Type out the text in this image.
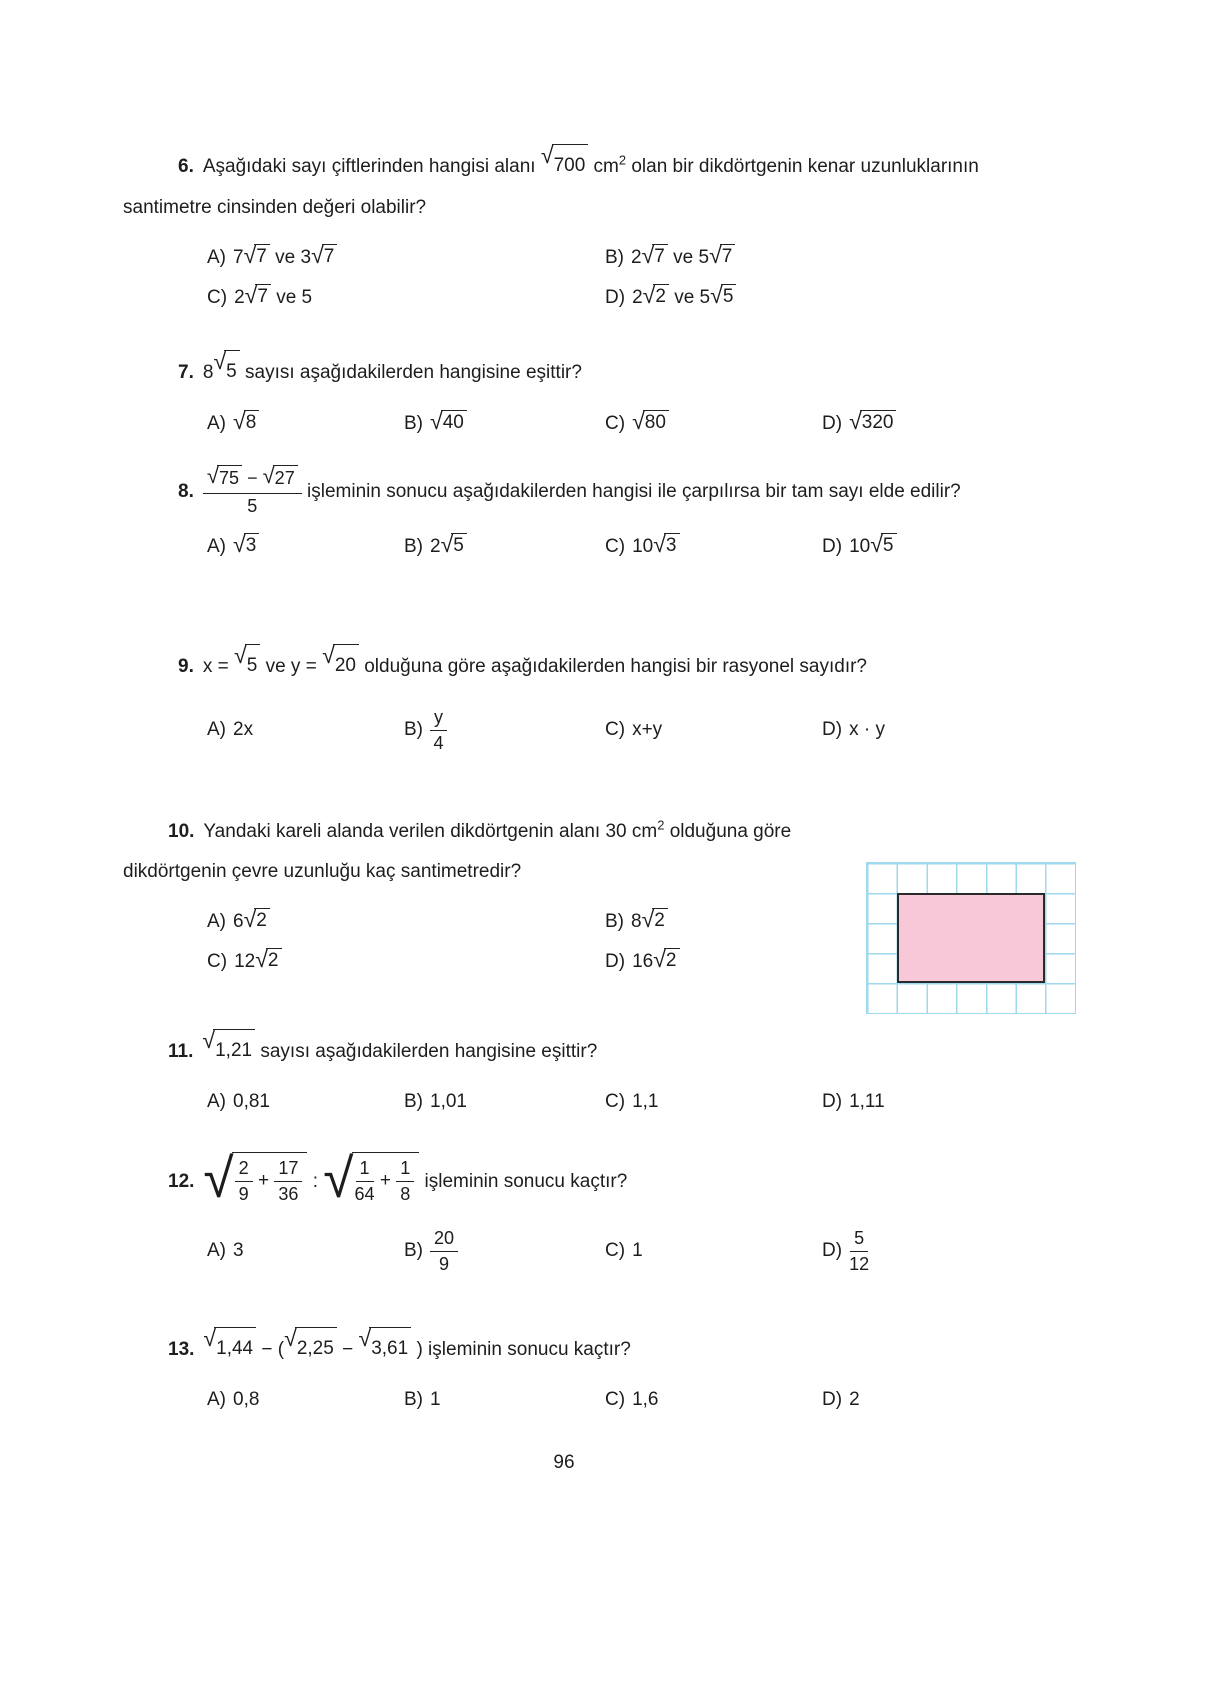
6. Aşağıdaki sayı çiftlerinden hangisi alanı √ 700 $cm^2$ olan bir dikdörtgenin kenar uzunluklarının santimetre cinsinden değeri olabilir?

A) 7 √ 7 ve 3 √ 7	B) 2 √ 7 ve 5 √ 7
C) 2 √ 7 ve 5	D) 2 √ 2 ve 5 √ 5

7. 8 √ 5 sayısı aşağıdakilerden hangisine eşittir?

A) √ 8	B) √ 40	C) √ 80	D) √ 320

8. $\frac{√ 75 - √ 27}{5}$ işleminin sonucu aşağıdakilerden hangisi ile çarpılırsa bir tam sayı elde edilir?

A) √ 3	B) 2 √ 5	C) 10 √ 3	D) 10 √ 5

9. x = √ 5 ve y = √ 20 olduğuna göre aşağıdakilerden hangisi bir rasyonel sayıdır?

A) 2x	$B) \frac{y}{4}$	C) x+y	D) x · y

10. Yandaki kareli alanda verilen dikdörtgenin alanı 30 $cm^2$ olduğuna göre dikdörtgenin çevre uzunluğu kaç santimetredir?

A) 6 √ 2	B) 8 √ 2
C) 12 √ 2	D) 16 √ 2

11. √ 1,21 sayısı aşağıdakilerden hangisine eşittir?

A) 0,81	B) 1,01	C) 1,1	D) 1,11

12. √ $\frac{2}{9} + \frac{17}{36}$ : √ $\frac{1}{64} + \frac{1}{8}$ işleminin sonucu kaçtır?

A) 3	$B) \frac{20}{9}$	C) 1	$D) \frac{5}{12}$

13. √ 1,44 − ( √ 2,25 − √ 3,61 ) işleminin sonucu kaçtır?

A) 0,8	B) 1	C) 1,6	D) 2
96
